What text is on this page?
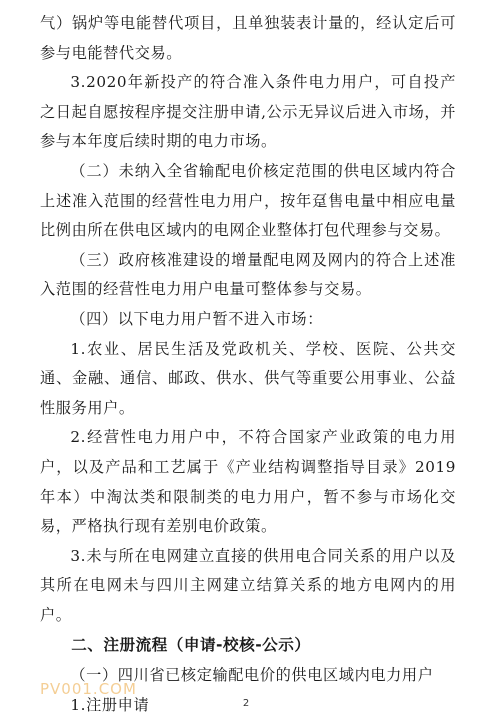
气）锅炉等电能替代项目，且单独装表计量的，经认定后可参与电能替代交易。

3.2020年新投产的符合准入条件电力用户，可自投产之日起自愿按程序提交注册申请,公示无异议后进入市场，并参与本年度后续时期的电力市场。

（二）未纳入全省输配电价核定范围的供电区域内符合上述准入范围的经营性电力用户，按年趸售电量中相应电量比例由所在供电区域内的电网企业整体打包代理参与交易。

（三）政府核准建设的增量配电网及网内的符合上述准入范围的经营性电力用户电量可整体参与交易。

（四）以下电力用户暂不进入市场：

1.农业、居民生活及党政机关、学校、医院、公共交通、金融、通信、邮政、供水、供气等重要公用事业、公益性服务用户。

2.经营性电力用户中，不符合国家产业政策的电力用户，以及产品和工艺属于《产业结构调整指导目录》2019年本）中淘汰类和限制类的电力用户，暂不参与市场化交易，严格执行现有差别电价政策。

3.未与所在电网建立直接的供用电合同关系的用户以及其所在电网未与四川主网建立结算关系的地方电网内的用户。

二、注册流程（申请-校核-公示）

（一）四川省已核定输配电价的供电区域内电力用户

1.注册申请

PV001.COM
2
